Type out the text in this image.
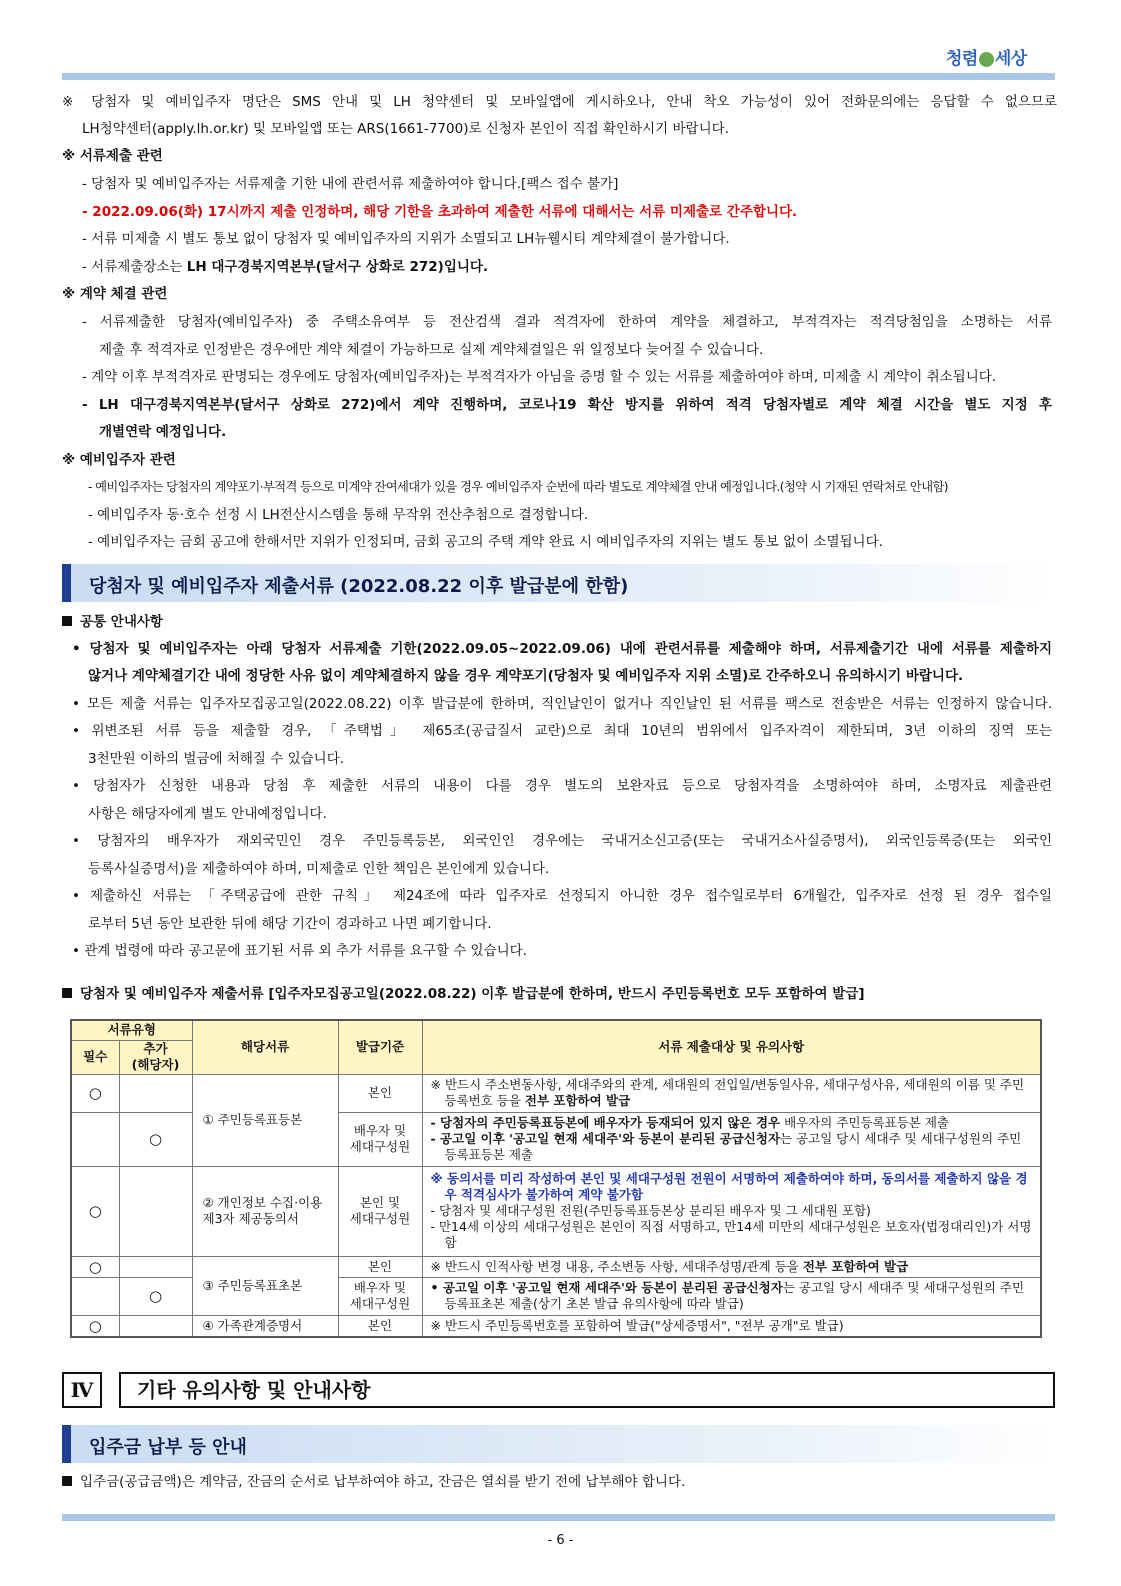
청렴 세상
※ 당첨자 및 예비입주자 명단은 SMS 안내 및 LH 청약센터 및 모바일앱에 게시하오나, 안내 착오 가능성이 있어 전화문의에는 응답할 수 없으므로
LH청약센터(apply.lh.or.kr) 및 모바일앱 또는 ARS(1661-7700)로 신청자 본인이 직접 확인하시기 바랍니다.
※ 서류제출 관련
- 당첨자 및 예비입주자는 서류제출 기한 내에 관련서류 제출하여야 합니다.[팩스 접수 불가]
- 2022.09.06(화) 17시까지 제출 인정하며, 해당 기한을 초과하여 제출한 서류에 대해서는 서류 미제출로 간주합니다.
- 서류 미제출 시 별도 통보 없이 당첨자 및 예비입주자의 지위가 소멸되고 LH뉴웰시티 계약체결이 불가합니다.
- 서류제출장소는 LH 대구경북지역본부(달서구 상화로 272)입니다.
※ 계약 체결 관련
- 서류제출한 당첨자(예비입주자) 중 주택소유여부 등 전산검색 결과 적격자에 한하여 계약을 체결하고, 부적격자는 적격당첨임을 소명하는 서류
제출 후 적격자로 인정받은 경우에만 계약 체결이 가능하므로 실제 계약체결일은 위 일정보다 늦어질 수 있습니다.
- 계약 이후 부적격자로 판명되는 경우에도 당첨자(예비입주자)는 부적격자가 아님을 증명 할 수 있는 서류를 제출하여야 하며, 미제출 시 계약이 취소됩니다.
- LH 대구경북지역본부(달서구 상화로 272)에서 계약 진행하며, 코로나19 확산 방지를 위하여 적격 당첨자별로 계약 체결 시간을 별도 지정 후
개별연락 예정입니다.
※ 예비입주자 관련
- 예비입주자는 당첨자의 계약포기·부적격 등으로 미계약 잔여세대가 있을 경우 예비입주자 순번에 따라 별도로 계약체결 안내 예정입니다.(청약 시 기재된 연락처로 안내함)
- 예비입주자 동·호수 선정 시 LH전산시스템을 통해 무작위 전산추첨으로 결정합니다.
- 예비입주자는 금회 공고에 한해서만 지위가 인정되며, 금회 공고의 주택 계약 완료 시 예비입주자의 지위는 별도 통보 없이 소멸됩니다.
당첨자 및 예비입주자 제출서류 (2022.08.22 이후 발급분에 한함)
공통 안내사항
• 당첨자 및 예비입주자는 아래 당첨자 서류제출 기한(2022.09.05~2022.09.06) 내에 관련서류를 제출해야 하며, 서류제출기간 내에 서류를 제출하지
않거나 계약체결기간 내에 정당한 사유 없이 계약체결하지 않을 경우 계약포기(당첨자 및 예비입주자 지위 소멸)로 간주하오니 유의하시기 바랍니다.
• 모든 제출 서류는 입주자모집공고일(2022.08.22) 이후 발급분에 한하며, 직인날인이 없거나 직인날인 된 서류를 팩스로 전송받은 서류는 인정하지 않습니다.
• 위변조된 서류 등을 제출할 경우, 「주택법」 제65조(공급질서 교란)으로 최대 10년의 범위에서 입주자격이 제한되며, 3년 이하의 징역 또는
3천만원 이하의 벌금에 처해질 수 있습니다.
• 당첨자가 신청한 내용과 당첨 후 제출한 서류의 내용이 다를 경우 별도의 보완자료 등으로 당첨자격을 소명하여야 하며, 소명자료 제출관련
사항은 해당자에게 별도 안내예정입니다.
• 당첨자의 배우자가 재외국민인 경우 주민등록등본, 외국인인 경우에는 국내거소신고증(또는 국내거소사실증명서), 외국인등록증(또는 외국인
등록사실증명서)을 제출하여야 하며, 미제출로 인한 책임은 본인에게 있습니다.
• 제출하신 서류는 「주택공급에 관한 규칙」 제24조에 따라 입주자로 선정되지 아니한 경우 접수일로부터 6개월간, 입주자로 선정 된 경우 접수일
로부터 5년 동안 보관한 뒤에 해당 기간이 경과하고 나면 폐기합니다.
• 관계 법령에 따라 공고문에 표기된 서류 외 추가 서류를 요구할 수 있습니다.
당첨자 및 예비입주자 제출서류 [입주자모집공고일(2022.08.22) 이후 발급분에 한하며, 반드시 주민등록번호 모두 포함하여 발급]
서류유형		해당서류	발급기준	서류 제출대상 및 유의사항
필수	추가
(해당자)			
○		① 주민등록표등본	본인	※ 반드시 주소변동사항, 세대주와의 관계, 세대원의 전입일/변동일사유, 세대구성사유, 세대원의 이름 및 주민등록번호 등을 전부 포함하여 발급

	○		배우자 및
세대구성원	- 당첨자의 주민등록표등본에 배우자가 등재되어 있지 않은 경우 배우자의 주민등록표등본 제출
- 공고일 이후 '공고일 현재 세대주'와 등본이 분리된 공급신청자는 공고일 당시 세대주 및 세대구성원의 주민등록표등본 제출

○		② 개인정보 수집·이용
제3자 제공동의서	본인 및
세대구성원	※ 동의서를 미리 작성하여 본인 및 세대구성원 전원이 서명하여 제출하여야 하며, 동의서를 제출하지 않을 경우 적격심사가 불가하여 계약 불가함
- 당첨자 및 세대구성원 전원(주민등록표등본상 분리된 배우자 및 그 세대원 포함)
- 만14세 이상의 세대구성원은 본인이 직접 서명하고, 만14세 미만의 세대구성원은 보호자(법정대리인)가 서명함

○		③ 주민등록표초본	본인	※ 반드시 인적사항 변경 내용, 주소변동 사항, 세대주성명/관계 등을 전부 포함하여 발급
	○		배우자 및
세대구성원	• 공고일 이후 '공고일 현재 세대주'와 등본이 분리된 공급신청자는 공고일 당시 세대주 및 세대구성원의 주민등록표초본 제출(상기 초본 발급 유의사항에 따라 발급)

○		④ 가족관계증명서	본인	※ 반드시 주민등록번호를 포함하여 발급("상세증명서", "전부 공개"로 발급)
Ⅳ	기타 유의사항 및 안내사항
입주금 납부 등 안내
입주금(공급금액)은 계약금, 잔금의 순서로 납부하여야 하고, 잔금은 열쇠를 받기 전에 납부해야 합니다.
- 6 -
